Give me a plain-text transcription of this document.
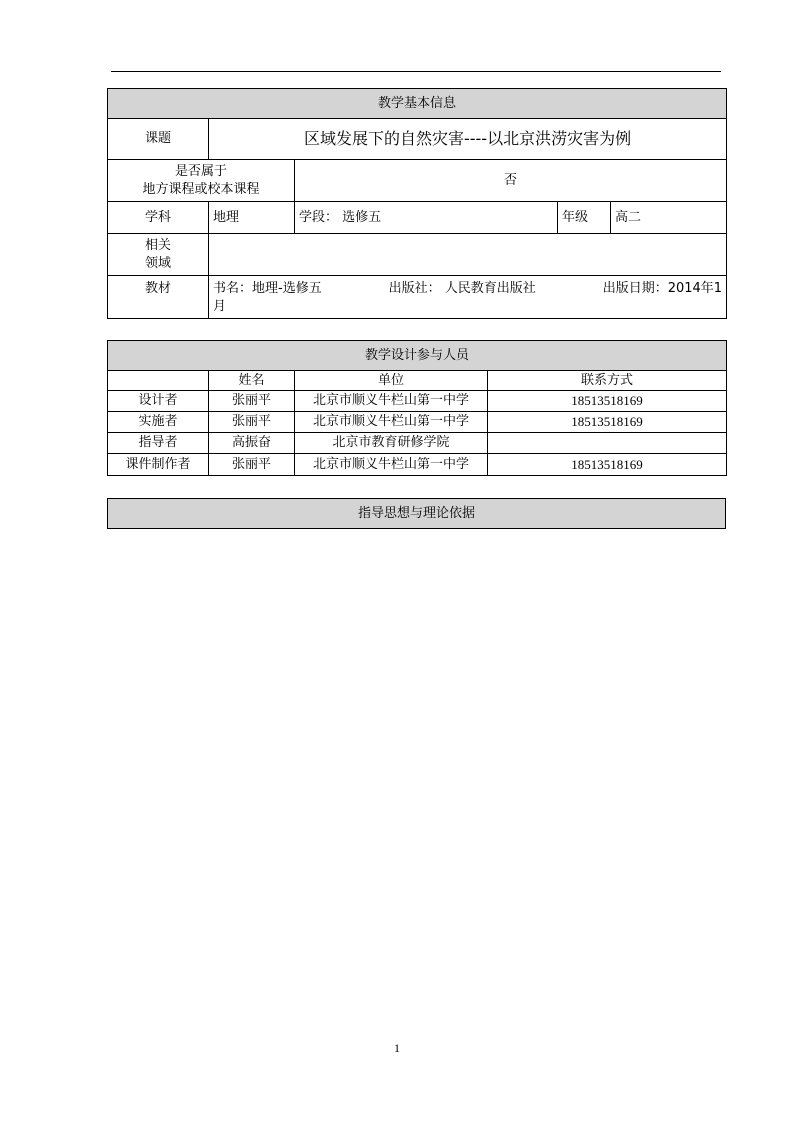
教学基本信息				
课题	区域发展下的自然灾害----以北京洪涝灾害为例			

是否属于
地方课程或校本课程		否		
学科	地理	学段： 选修五	年级	高二

相关
领域				

教材	书名：地理-选修五 出版社： 人民教育出版社 出版日期：2014年1
月			
教学设计参与人员			
	姓名	单位	联系方式
设计者	张丽平	北京市顺义牛栏山第一中学	18513518169
实施者	张丽平	北京市顺义牛栏山第一中学	18513518169
指导者	高振奋	北京市教育研修学院	
课件制作者	张丽平	北京市顺义牛栏山第一中学	18513518169
指导思想与理论依据
1
